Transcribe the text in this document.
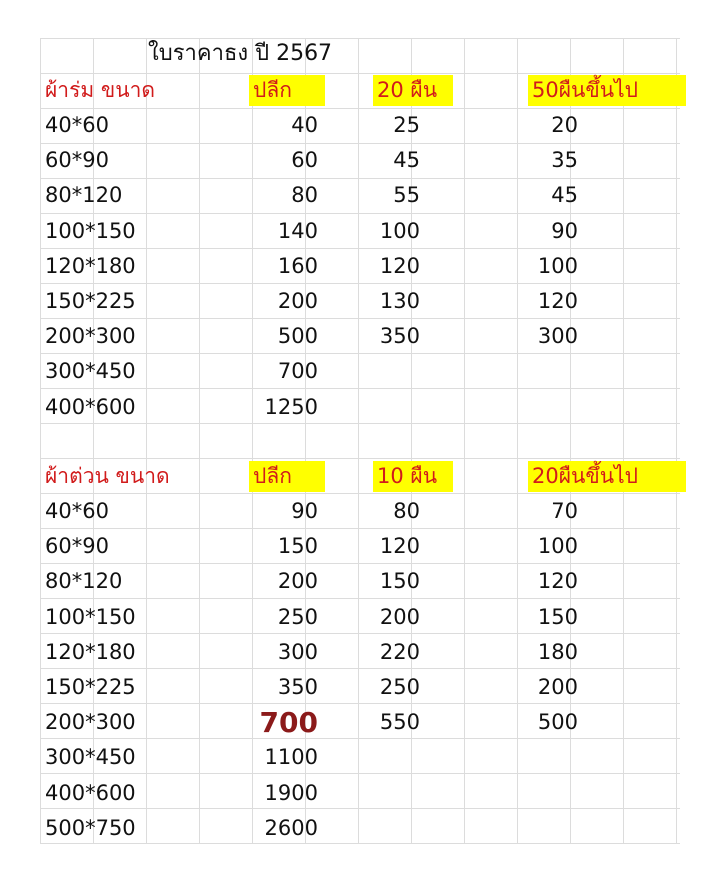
ใบราคาธง ปี 2567
ผ้าร่ม ขนาด	ปลีก	20 ผืน	50ผืนขึ้นไป
40*60	40	25	20
60*90	60	45	35
80*120	80	55	45
100*150	140	100	90
120*180	160	120	100
150*225	200	130	120
200*300	500	350	300
300*450	700
400*600	1250
ผ้าต่วน ขนาด	ปลีก	10 ผืน	20ผืนขึ้นไป
40*60	90	80	70
60*90	150	120	100
80*120	200	150	120
100*150	250	200	150
120*180	300	220	180
150*225	350	250	200
200*300	700	550	500
300*450	1100
400*600	1900
500*750	2600
